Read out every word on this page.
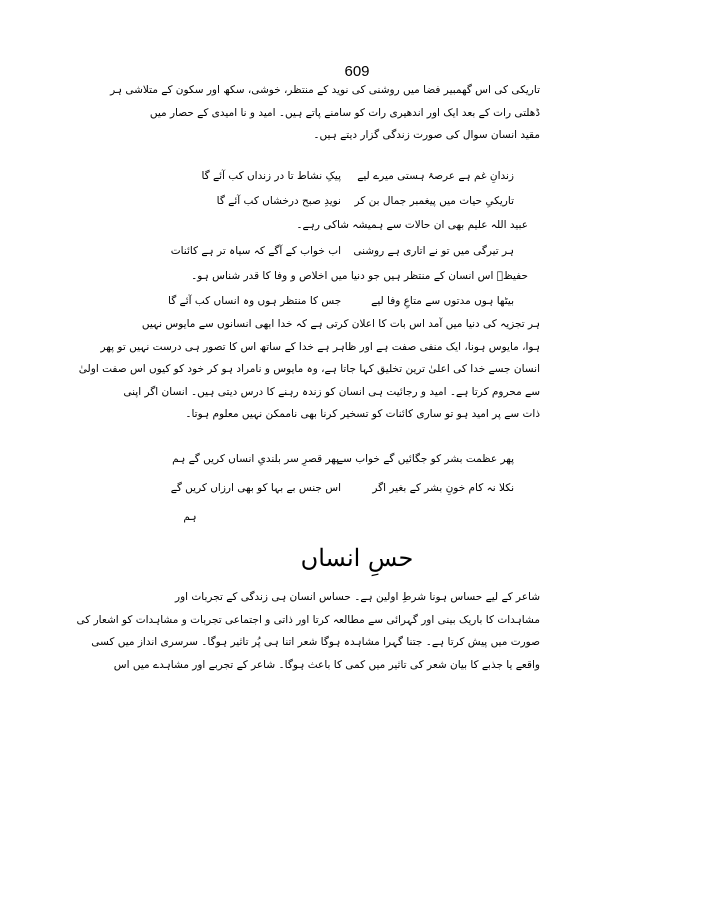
609
تاریکی کی اس گھمبیر فضا میں روشنی کی نوید کے منتظر، خوشی، سکھ اور سکون کے متلاشی ہر
ڈھلتی رات کے بعد ایک اور اندھیری رات کو سامنے پاتے ہیں۔ امید و نا امیدی کے حصار میں
مقید انسان سوال کی صورت زندگی گزار دیتے ہیں۔
زندانِ غم ہے عرصۂ ہستی میرے لیے
پیکِ نشاط تا در زنداں کب آئے گا
تاریکیِ حیات میں پیغمبر جمال بن کر
نویدِ صبح درخشاں کب آئے گا
عبید اللہ علیم بھی ان حالات سے ہمیشہ شاکی رہے۔
ہر تیرگی میں تو نے اتاری ہے روشنی
اب خواب کے آگے کہ سیاہ تر ہے کائنات
حفیظؔ اس انسان کے منتظر ہیں جو دنیا میں اخلاص و وفا کا قدر شناس ہو۔
بیٹھا ہوں مدتوں سے متاعِ وفا لیے
جس کا منتظر ہوں وہ انساں کب آئے گا
ہر تجزیہ کی دنیا میں آمد اس بات کا اعلان کرتی ہے کہ خدا ابھی انسانوں سے مایوس نہیں
ہوا، مایوس ہونا، ایک منفی صفت ہے اور ظاہر ہے خدا کے ساتھ اس کا تصور ہی درست نہیں تو پھر
انسان جسے خدا کی اعلیٰ ترین تخلیق کہا جاتا ہے، وہ مایوس و نامراد ہو کر خود کو کیوں اس صفت اولیٰ
سے محروم کرتا ہے۔ امید و رجائیت ہی انسان کو زندہ رہنے کا درس دیتی ہیں۔ انسان اگر اپنی
ذات سے پر امید ہو تو ساری کائنات کو تسخیر کرنا بھی ناممکن نہیں معلوم ہوتا۔
پھر عظمت بشر کو جگائیں گے خواب سے
پھر قصرِ سر بلندیِ انساں کریں گے ہم
نکلا نہ کام خونِ بشر کے بغیر اگر
اس جنس بے بہا کو بھی ارزاں کریں گے
ہم
حسِ انساں
شاعر کے لیے حساس ہونا شرطِ اولین ہے۔ حساس انسان ہی زندگی کے تجربات اور
مشاہدات کا باریک بینی اور گہرائی سے مطالعہ کرتا اور ذاتی و اجتماعی تجربات و مشاہدات کو اشعار کی
صورت میں پیش کرتا ہے۔ جتنا گہرا مشاہدہ ہوگا شعر اتنا ہی پُر تاثیر ہوگا۔ سرسری انداز میں کسی
واقعے یا جذبے کا بیان شعر کی تاثیر میں کمی کا باعث ہوگا۔ شاعر کے تجربے اور مشاہدے میں اس
